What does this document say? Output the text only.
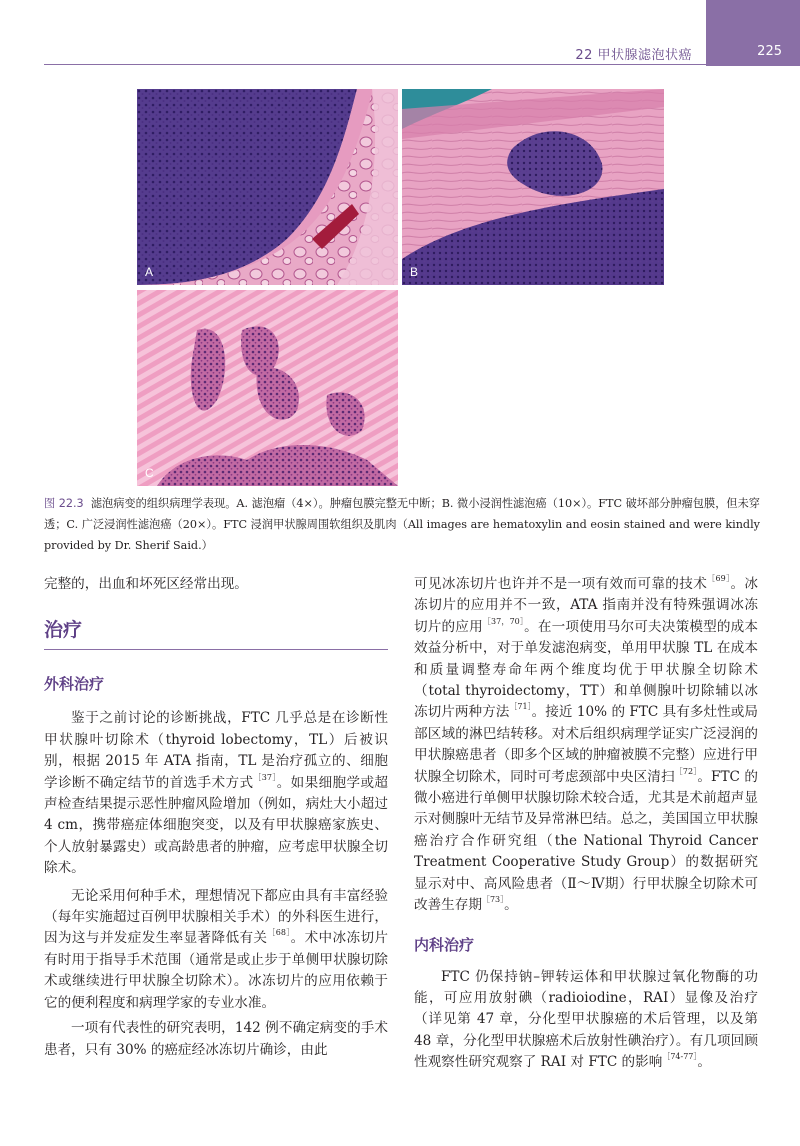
22 甲状腺滤泡状癌	225
A	B
C
图 22.3 滤泡病变的组织病理学表现。A. 滤泡瘤（4×）。肿瘤包膜完整无中断；B. 微小浸润性滤泡癌（10×）。FTC 破坏部分肿瘤包膜，但未穿透；C. 广泛浸润性滤泡癌（20×）。FTC 浸润甲状腺周围软组织及肌肉（All images are hematoxylin and eosin stained and were kindly provided by Dr. Sherif Said.）

完整的，出血和坏死区经常出现。

治疗
外科治疗

鉴于之前讨论的诊断挑战，FTC 几乎总是在诊断性甲状腺叶切除术（thyroid lobectomy，TL）后被识别，根据 2015 年 ATA 指南，TL 是治疗孤立的、细胞学诊断不确定结节的首选手术方式$^{[37]}$。如果细胞学或超声检查结果提示恶性肿瘤风险增加（例如，病灶大小超过 4 cm，携带癌症体细胞突变，以及有甲状腺癌家族史、个人放射暴露史）或高龄患者的肿瘤，应考虑甲状腺全切除术。

无论采用何种手术，理想情况下都应由具有丰富经验（每年实施超过百例甲状腺相关手术）的外科医生进行，因为这与并发症发生率显著降低有关$^{[68]}$。术中冰冻切片有时用于指导手术范围（通常是或止步于单侧甲状腺切除术或继续进行甲状腺全切除术）。冰冻切片的应用依赖于它的便利程度和病理学家的专业水准。

一项有代表性的研究表明，142 例不确定病变的手术患者，只有 30% 的癌症经冰冻切片确诊，由此

可见冰冻切片也许并不是一项有效而可靠的技术$^{[69]}$。冰冻切片的应用并不一致，ATA 指南并没有特殊强调冰冻切片的应用$^{[37,70]}$。在一项使用马尔可夫决策模型的成本效益分析中，对于单发滤泡病变，单用甲状腺 TL 在成本和质量调整寿命年两个维度均优于甲状腺全切除术（total thyroidectomy，TT）和单侧腺叶切除辅以冰冻切片两种方法$^{[71]}$。接近 10% 的 FTC 具有多灶性或局部区域的淋巴结转移。对术后组织病理学证实广泛浸润的甲状腺癌患者（即多个区域的肿瘤被膜不完整）应进行甲状腺全切除术，同时可考虑颈部中央区清扫$^{[72]}$。FTC 的微小癌进行单侧甲状腺切除术较合适，尤其是术前超声显示对侧腺叶无结节及异常淋巴结。总之，美国国立甲状腺癌治疗合作研究组（the National Thyroid Cancer Treatment Cooperative Study Group）的数据研究显示对中、高风险患者（Ⅱ～Ⅳ期）行甲状腺全切除术可改善生存期$^{[73]}$。

内科治疗

FTC 仍保持钠–钾转运体和甲状腺过氧化物酶的功能，可应用放射碘（radioiodine，RAI）显像及治疗（详见第 47 章，分化型甲状腺癌的术后管理，以及第 48 章，分化型甲状腺癌术后放射性碘治疗）。有几项回顾性观察性研究观察了 RAI 对 FTC 的影响$^{[74-77]}$。
